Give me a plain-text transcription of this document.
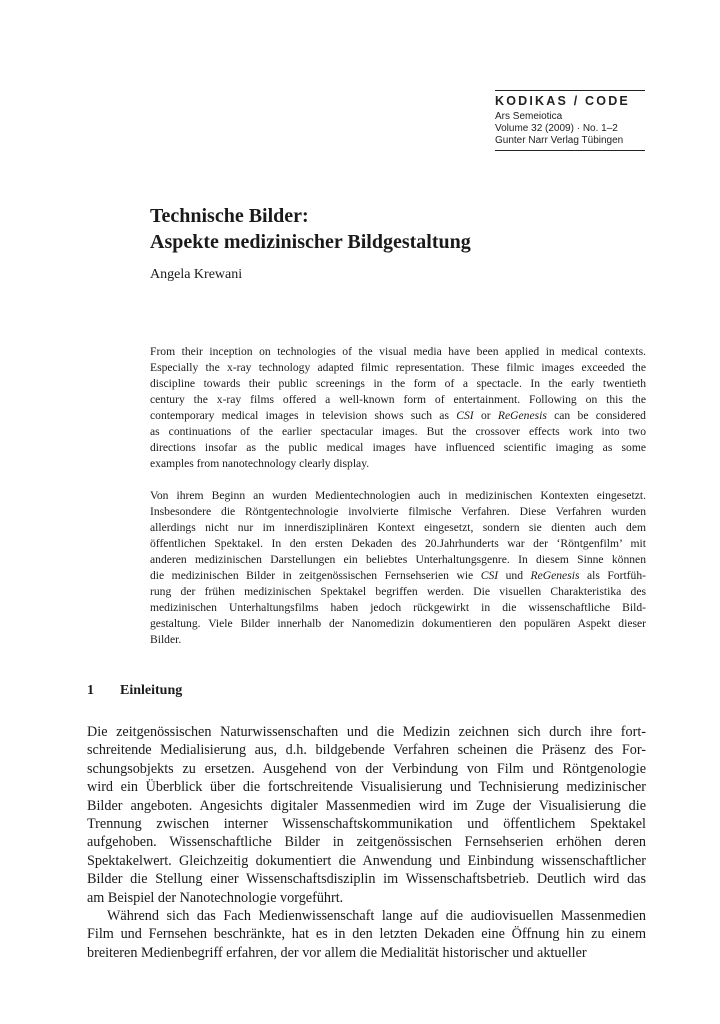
KODIKAS / CODE
Ars Semeiotica
Volume 32 (2009) · No. 1–2
Gunter Narr Verlag Tübingen
Technische Bilder:
Aspekte medizinischer Bildgestaltung
Angela Krewani

From their inception on technologies of the visual media have been applied in medical contexts.
Especially the x-ray technology adapted filmic representation. These filmic images exceeded the
discipline towards their public screenings in the form of a spectacle. In the early twentieth
century the x-ray films offered a well-known form of entertainment. Following on this the
contemporary medical images in television shows such as CSI or ReGenesis can be considered
as continuations of the earlier spectacular images. But the crossover effects work into two
directions insofar as the public medical images have influenced scientific imaging as some
examples from nanotechnology clearly display.

Von ihrem Beginn an wurden Medientechnologien auch in medizinischen Kontexten eingesetzt.
Insbesondere die Röntgentechnologie involvierte filmische Verfahren. Diese Verfahren wurden
allerdings nicht nur im innerdisziplinären Kontext eingesetzt, sondern sie dienten auch dem
öffentlichen Spektakel. In den ersten Dekaden des 20.Jahrhunderts war der ‘Röntgenfilm’ mit
anderen medizinischen Darstellungen ein beliebtes Unterhaltungsgenre. In diesem Sinne können
die medizinischen Bilder in zeitgenössischen Fernsehserien wie CSI und ReGenesis als Fortfüh-
rung der frühen medizinischen Spektakel begriffen werden. Die visuellen Charakteristika des
medizinischen Unterhaltungsfilms haben jedoch rückgewirkt in die wissenschaftliche Bild-
gestaltung. Viele Bilder innerhalb der Nanomedizin dokumentieren den populären Aspekt dieser
Bilder.

1 Einleitung
Die zeitgenössischen Naturwissenschaften und die Medizin zeichnen sich durch ihre fort-
schreitende Medialisierung aus, d.h. bildgebende Verfahren scheinen die Präsenz des For-
schungsobjekts zu ersetzen. Ausgehend von der Verbindung von Film und Röntgenologie
wird ein Überblick über die fortschreitende Visualisierung und Technisierung medizinischer
Bilder angeboten. Angesichts digitaler Massenmedien wird im Zuge der Visualisierung die
Trennung zwischen interner Wissenschaftskommunikation und öffentlichem Spektakel
aufgehoben. Wissenschaftliche Bilder in zeitgenössischen Fernsehserien erhöhen deren
Spektakelwert. Gleichzeitig dokumentiert die Anwendung und Einbindung wissenschaftlicher
Bilder die Stellung einer Wissenschaftsdisziplin im Wissenschaftsbetrieb. Deutlich wird das
am Beispiel der Nanotechnologie vorgeführt.
Während sich das Fach Medienwissenschaft lange auf die audiovisuellen Massenmedien
Film und Fernsehen beschränkte, hat es in den letzten Dekaden eine Öffnung hin zu einem
breiteren Medienbegriff erfahren, der vor allem die Medialität historischer und aktueller
